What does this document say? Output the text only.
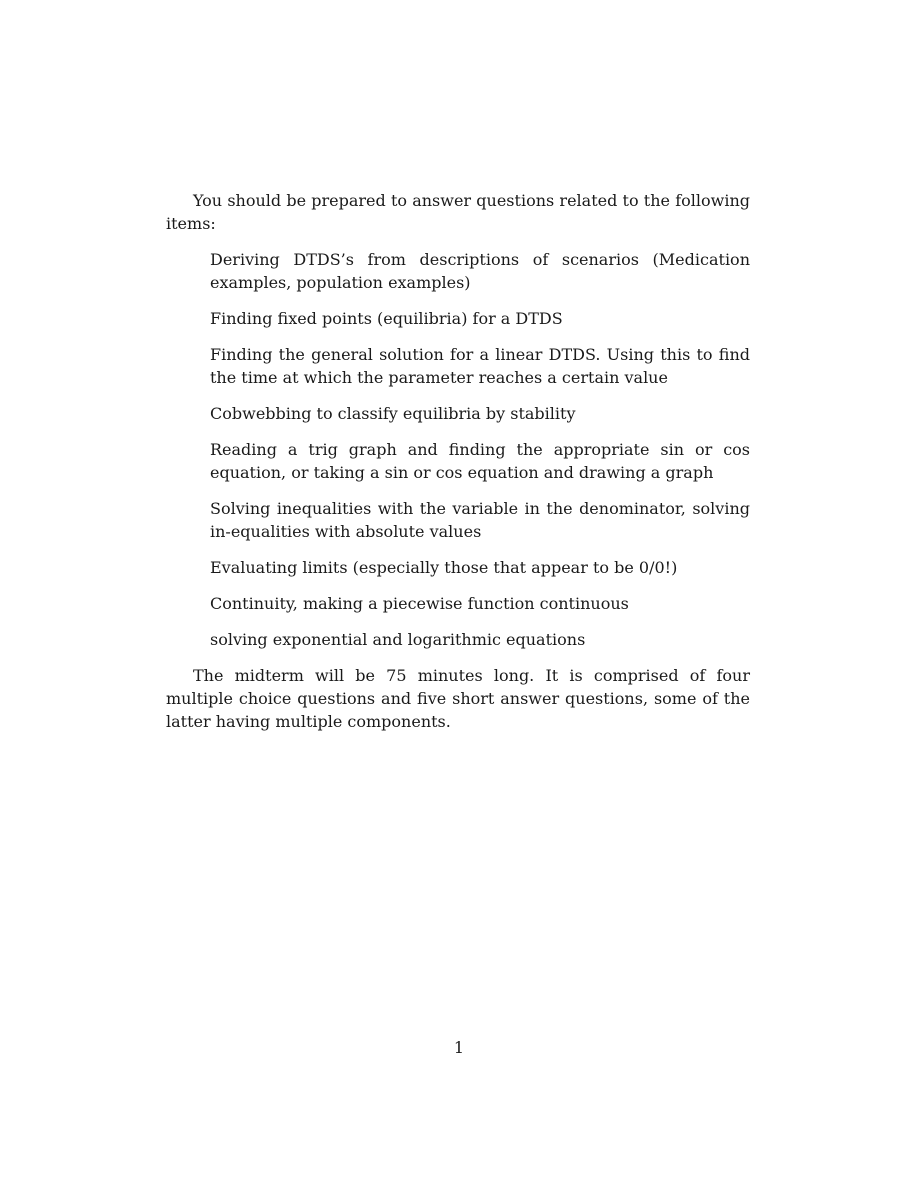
You should be prepared to answer questions related to the following items:

Deriving DTDS’s from descriptions of scenarios (Medication examples, population examples)
Finding fixed points (equilibria) for a DTDS
Finding the general solution for a linear DTDS. Using this to find the time at which the parameter reaches a certain value
Cobwebbing to classify equilibria by stability
Reading a trig graph and finding the appropriate sin or cos equation, or taking a sin or cos equation and drawing a graph
Solving inequalities with the variable in the denominator, solving in-equalities with absolute values
Evaluating limits (especially those that appear to be 0/0!)
Continuity, making a piecewise function continuous
solving exponential and logarithmic equations

The midterm will be 75 minutes long. It is comprised of four multiple choice questions and five short answer questions, some of the latter having multiple components.

1
